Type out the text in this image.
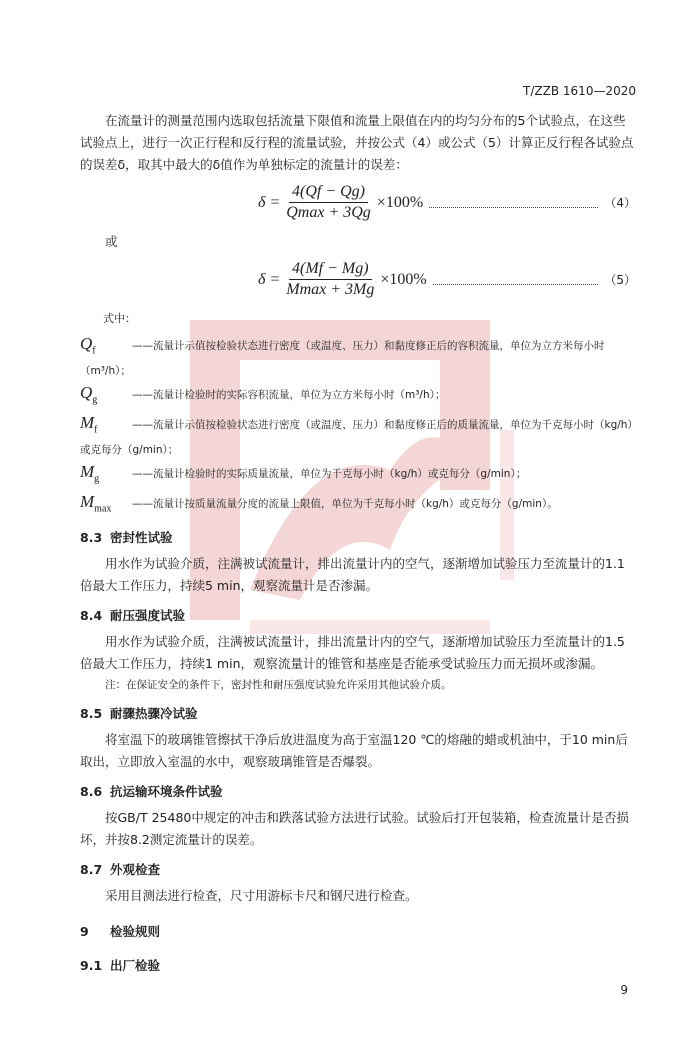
T/ZZB 1610—2020

在流量计的测量范围内选取包括流量下限值和流量上限值在内的均匀分布的5个试验点，在这些试验点上，进行一次正行程和反行程的流量试验，并按公式（4）或公式（5）计算正反行程各试验点的误差δ，取其中最大的δ值作为单独标定的流量计的误差：

$\delta = \frac{4(Qf - Qg)}{Qmax + 3Qg} \times 100\%$	（4）
或
$\delta = \frac{4(Mf - Mg)}{Mmax + 3Mg} \times 100\%$	（5）
式中：
$Q_f$	——流量计示值按检验状态进行密度（或温度、压力）和黏度修正后的容积流量，单位为立方米每小时（m³/h）；
$Q_g$	——流量计检验时的实际容积流量，单位为立方米每小时（m³/h）；
$M_f$	——流量计示值按检验状态进行密度（或温度、压力）和黏度修正后的质量流量，单位为千克每小时（kg/h）或克每分（g/min）；
$M_g$	——流量计检验时的实际质量流量，单位为千克每小时（kg/h）或克每分（g/min）；
$M_{max}$ ——流量计按质量流量分度的流量上限值，单位为千克每小时（kg/h）或克每分（g/min）。
8.3 密封性试验

用水作为试验介质，注满被试流量计，排出流量计内的空气，逐渐增加试验压力至流量计的1.1倍最大工作压力，持续5 min，观察流量计是否渗漏。

8.4 耐压强度试验

用水作为试验介质，注满被试流量计，排出流量计内的空气，逐渐增加试验压力至流量计的1.5倍最大工作压力，持续1 min，观察流量计的锥管和基座是否能承受试验压力而无损坏或渗漏。

注：在保证安全的条件下，密封性和耐压强度试验允许采用其他试验介质。
8.5 耐骤热骤冷试验

将室温下的玻璃锥管擦拭干净后放进温度为高于室温120 ℃的熔融的蜡或机油中，于10 min后取出，立即放入室温的水中，观察玻璃锥管是否爆裂。

8.6 抗运输环境条件试验

按GB/T 25480中规定的冲击和跌落试验方法进行试验。试验后打开包装箱，检查流量计是否损坏，并按8.2测定流量计的误差。

8.7 外观检查

采用目测法进行检查，尺寸用游标卡尺和钢尺进行检查。

9 检验规则
9.1 出厂检验
9
